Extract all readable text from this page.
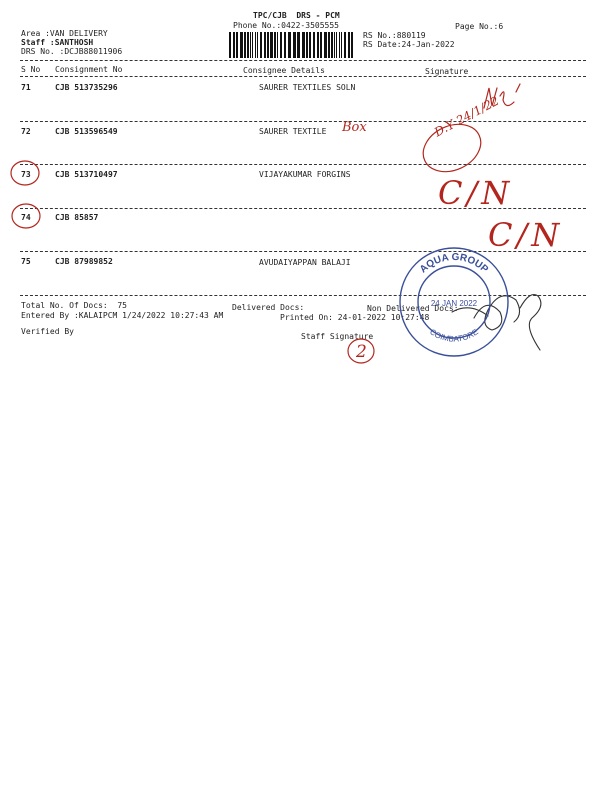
TPC/CJB  DRS - PCM
Phone No.:0422-3505555	Page No.:6
Area :VAN DELIVERY
Staff :SANTHOSH
DRS No. :DCJB88011906
RS No.:880119
RS Date:24-Jan-2022
S No Consignment No	Consignee Details	Signature
71	CJB 513735296	SAURER TEXTILES SOLN
72	CJB 513596549	SAURER TEXTILE
73	CJB 513710497	VIJAYAKUMAR FORGINS
74	CJB 85857
75	CJB 87989852	AVUDAIYAPPAN BALAJI
Total No. Of Docs:  75	Delivered Docs:	Non Delivered Docs:
Entered By :KALAIPCM 1/24/2022 10:27:43 AM	Printed On: 24-01-2022 10:27:48
Verified By
Staff Signature
Box	D.Y 24/1/22
C/N
C/N
2
AQUA GROUP
COIMBATORE
24 JAN 2022
